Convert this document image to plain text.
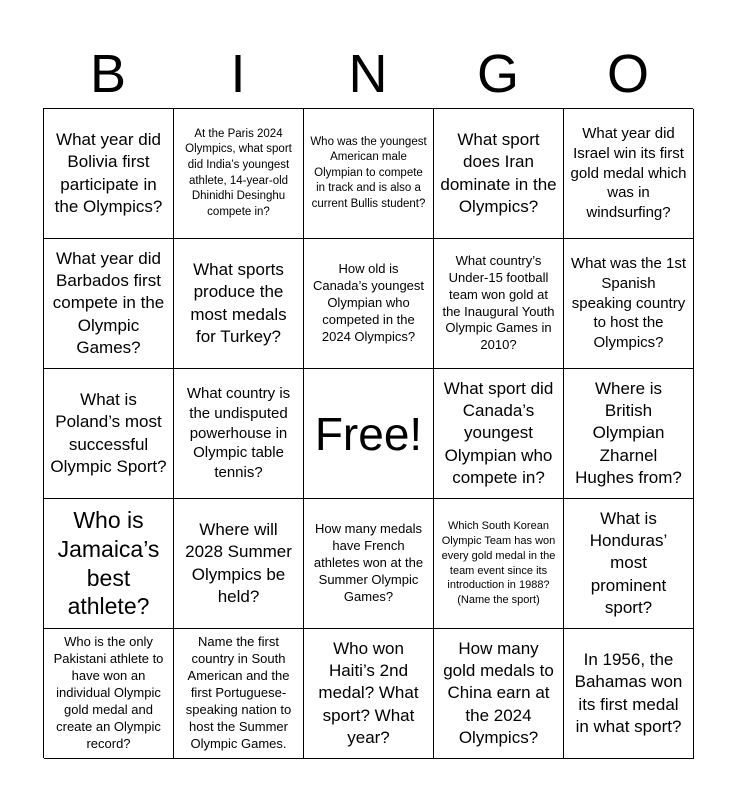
B	I	N	G	O
What year did Bolivia first participate in the Olympics?
At the Paris 2024 Olympics, what sport did India’s youngest athlete, 14-year-old Dhinidhi Desinghu compete in?
Who was the youngest American male Olympian to compete in track and is also a current Bullis student?
What sport does Iran dominate in the Olympics?
What year did Israel win its first gold medal which was in windsurfing?
What year did Barbados first compete in the Olympic Games?
What sports produce the most medals for Turkey?
How old is Canada’s youngest Olympian who competed in the 2024 Olympics?
What country’s Under-15 football team won gold at the Inaugural Youth Olympic Games in 2010?
What was the 1st Spanish speaking country to host the Olympics?
What is Poland’s most successful Olympic Sport?
What country is the undisputed powerhouse in Olympic table tennis?
Free!
What sport did Canada’s youngest Olympian who compete in?
Where is British Olympian Zharnel Hughes from?
Who is Jamaica’s best athlete?
Where will 2028 Summer Olympics be held?
How many medals have French athletes won at the Summer Olympic Games?
Which South Korean Olympic Team has won every gold medal in the team event since its introduction in 1988? (Name the sport)
What is Honduras’ most prominent sport?
Who is the only Pakistani athlete to have won an individual Olympic gold medal and create an Olympic record?
Name the first country in South American and the first Portuguese-speaking nation to host the Summer Olympic Games.
Who won Haiti’s 2nd medal? What sport? What year?
How many gold medals to China earn at the 2024 Olympics?
In 1956, the Bahamas won its first medal in what sport?
